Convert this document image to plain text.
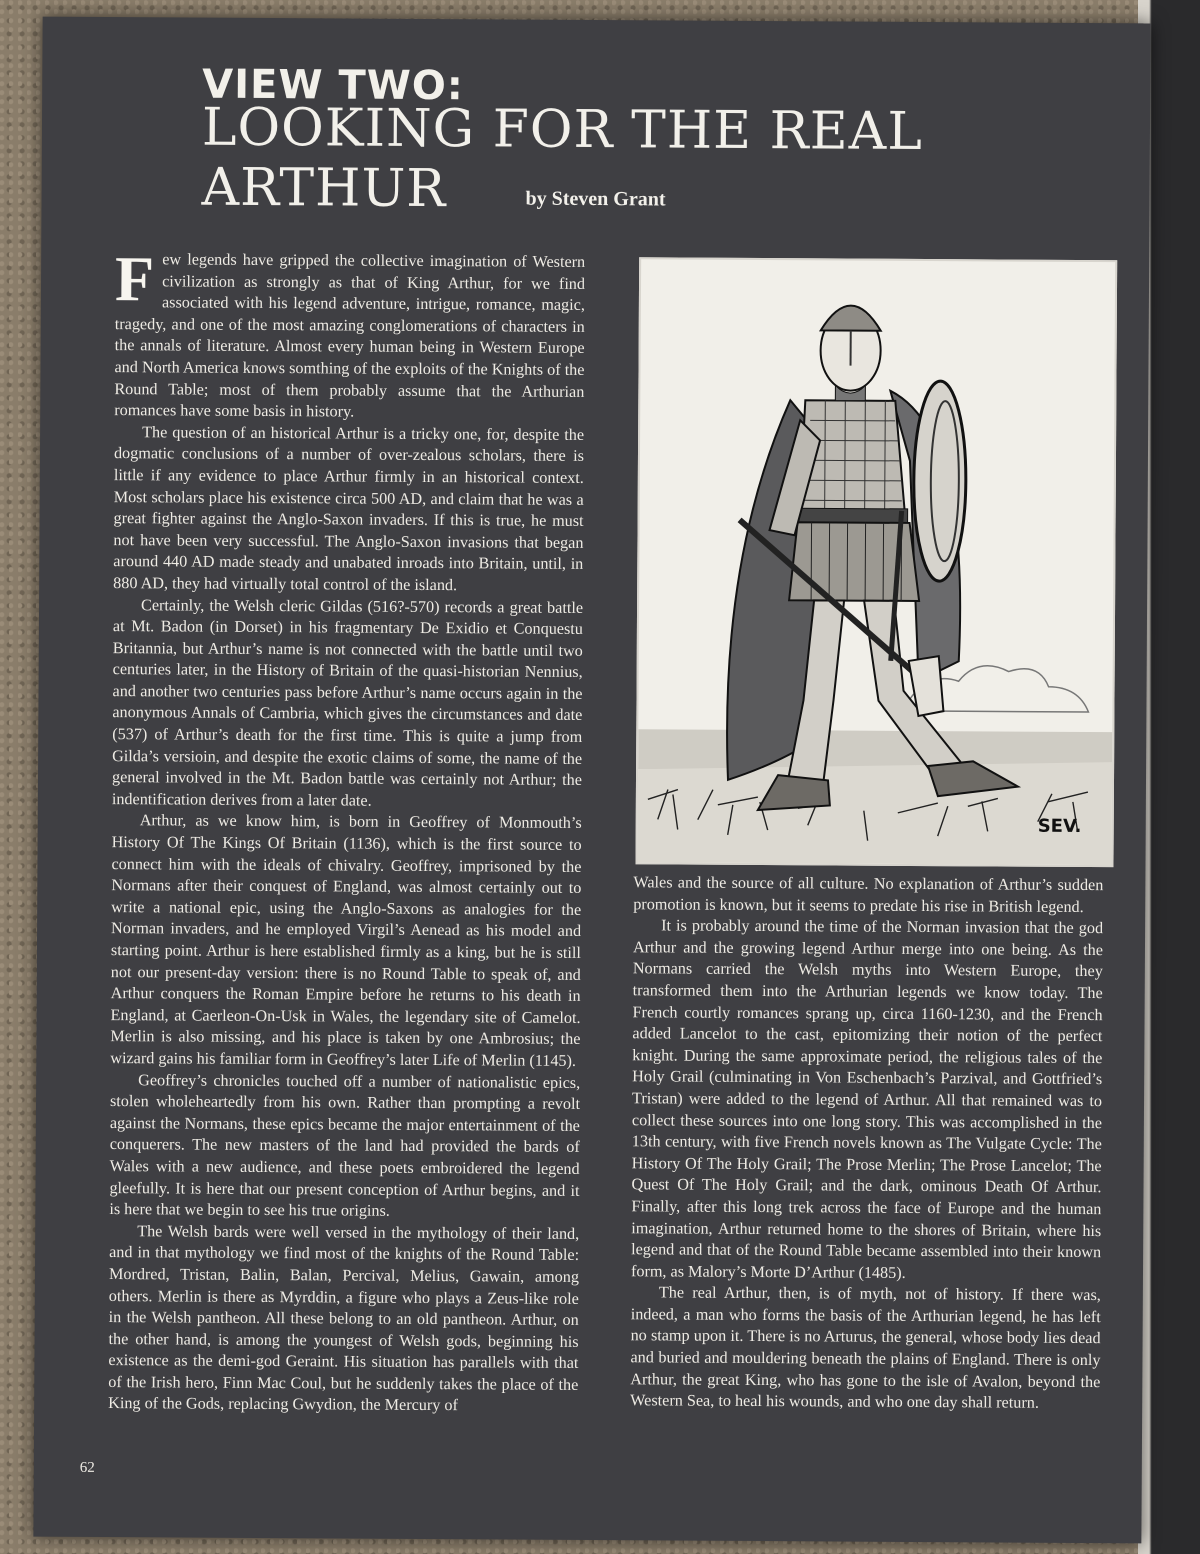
VIEW TWO:
LOOKING FOR THE REAL ARTHUR	by Steven Grant

Few legends have gripped the collective imagination of Western civilization as strongly as that of King Arthur, for we find associated with his legend adventure, intrigue, romance, magic, tragedy, and one of the most amazing conglomerations of characters in the annals of literature. Almost every human being in Western Europe and North America knows somthing of the exploits of the Knights of the Round Table; most of them probably assume that the Arthurian romances have some basis in history.

The question of an historical Arthur is a tricky one, for, despite the dogmatic conclusions of a number of over-zealous scholars, there is little if any evidence to place Arthur firmly in an historical context. Most scholars place his existence circa 500 AD, and claim that he was a great fighter against the Anglo-Saxon invaders. If this is true, he must not have been very successful. The Anglo-Saxon invasions that began around 440 AD made steady and unabated inroads into Britain, until, in 880 AD, they had virtually total control of the island.

Certainly, the Welsh cleric Gildas (516?-570) records a great battle at Mt. Badon (in Dorset) in his fragmentary De Exidio et Conquestu Britannia, but Arthur’s name is not connected with the battle until two centuries later, in the History of Britain of the quasi-historian Nennius, and another two centuries pass before Arthur’s name occurs again in the anonymous Annals of Cambria, which gives the circumstances and date (537) of Arthur’s death for the first time. This is quite a jump from Gilda’s versioin, and despite the exotic claims of some, the name of the general involved in the Mt. Badon battle was certainly not Arthur; the indentification derives from a later date.

Arthur, as we know him, is born in Geoffrey of Monmouth’s History Of The Kings Of Britain (1136), which is the first source to connect him with the ideals of chivalry. Geoffrey, imprisoned by the Normans after their conquest of England, was almost certainly out to write a national epic, using the Anglo-Saxons as analogies for the Norman invaders, and he employed Virgil’s Aenead as his model and starting point. Arthur is here established firmly as a king, but he is still not our present-day version: there is no Round Table to speak of, and Arthur conquers the Roman Empire before he returns to his death in England, at Caerleon-On-Usk in Wales, the legendary site of Camelot. Merlin is also missing, and his place is taken by one Ambrosius; the wizard gains his familiar form in Geoffrey’s later Life of Merlin (1145).

Geoffrey’s chronicles touched off a number of nationalistic epics, stolen wholeheartedly from his own. Rather than prompting a revolt against the Normans, these epics became the major entertainment of the conquerers. The new masters of the land had provided the bards of Wales with a new audience, and these poets embroidered the legend gleefully. It is here that our present conception of Arthur begins, and it is here that we begin to see his true origins.

The Welsh bards were well versed in the mythology of their land, and in that mythology we find most of the knights of the Round Table: Mordred, Tristan, Balin, Balan, Percival, Melius, Gawain, among others. Merlin is there as Myrddin, a figure who plays a Zeus-like role in the Welsh pantheon. All these belong to an old pantheon. Arthur, on the other hand, is among the youngest of Welsh gods, beginning his existence as the demi-god Geraint. His situation has parallels with that of the Irish hero, Finn Mac Coul, but he suddenly takes the place of the King of the Gods, replacing Gwydion, the Mercury of

SEV.

Wales and the source of all culture. No explanation of Arthur’s sudden promotion is known, but it seems to predate his rise in British legend.

It is probably around the time of the Norman invasion that the god Arthur and the growing legend Arthur merge into one being. As the Normans carried the Welsh myths into Western Europe, they transformed them into the Arthurian legends we know today. The French courtly romances sprang up, circa 1160-1230, and the French added Lancelot to the cast, epitomizing their notion of the perfect knight. During the same approximate period, the religious tales of the Holy Grail (culminating in Von Eschenbach’s Parzival, and Gottfried’s Tristan) were added to the legend of Arthur. All that remained was to collect these sources into one long story. This was accomplished in the 13th century, with five French novels known as The Vulgate Cycle: The History Of The Holy Grail; The Prose Merlin; The Prose Lancelot; The Quest Of The Holy Grail; and the dark, ominous Death Of Arthur. Finally, after this long trek across the face of Europe and the human imagination, Arthur returned home to the shores of Britain, where his legend and that of the Round Table became assembled into their known form, as Malory’s Morte D’Arthur (1485).

The real Arthur, then, is of myth, not of history. If there was, indeed, a man who forms the basis of the Arthurian legend, he has left no stamp upon it. There is no Arturus, the general, whose body lies dead and buried and mouldering beneath the plains of England. There is only Arthur, the great King, who has gone to the isle of Avalon, beyond the Western Sea, to heal his wounds, and who one day shall return.

62
